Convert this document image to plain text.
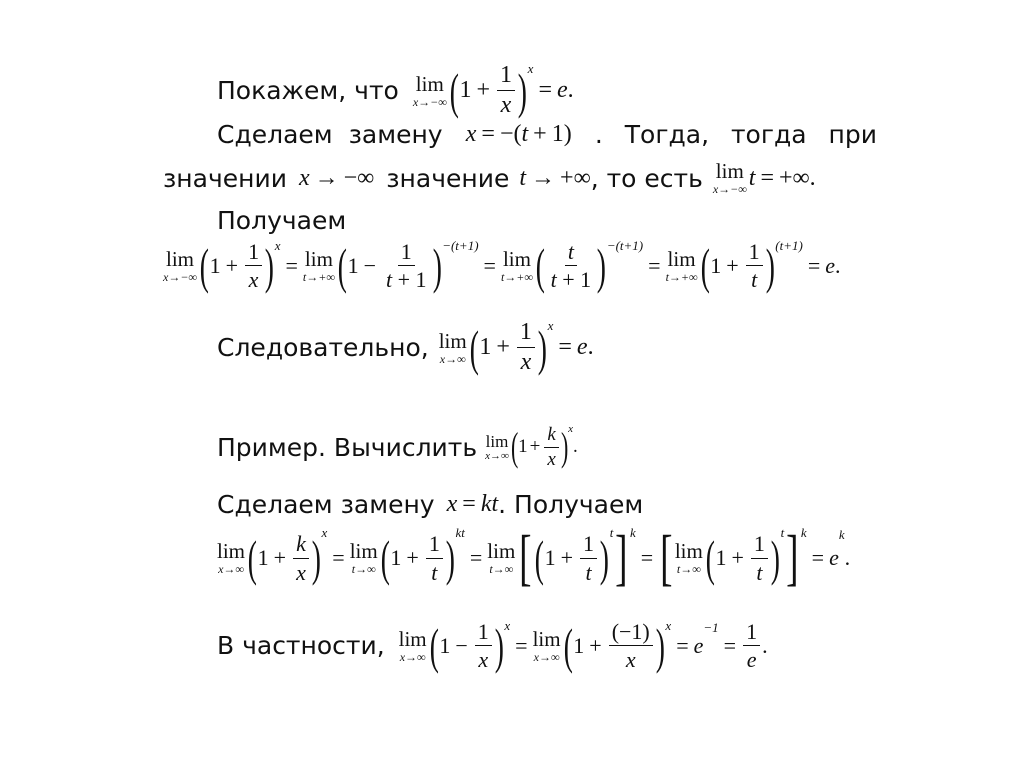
Покажем, что lim
x→−∞ ( $1 + \frac{1}{x}$ ) x
= e .
Сделаем замену x = −( t + 1) . Тогда, тогда при
значении x → −∞ значение t → +∞ , то есть lim
x→−∞ t = +∞.
Получаем
lim
x→−∞ ( $1 + \frac{1}{x}$ ) x
= lim
t→+∞ ( $1 - \frac{1}{t + 1}$ ) −(t+1)
= lim
t→+∞ ( $\frac{t}{t + 1}$ ) −(t+1)
= lim
t→+∞ ( $1 + \frac{1}{t}$ ) (t+1)
= e .
Следовательно, lim
x→∞ ( $1 + \frac{1}{x}$ ) x
= e .
Пример. Вычислить lim
x→∞ ( $1 + \frac{k}{x}$ ) x
.
Сделаем замену x = kt . Получаем
lim
x→∞ ( $1 + \frac{k}{x}$ ) x
= lim
t→∞ ( $1 + \frac{1}{t}$ ) kt
= lim
t→∞ [ ( $1 + \frac{1}{t}$ ) t ] k
= [ lim
t→∞ ( $1 + \frac{1}{t}$ ) t ] k
= e
k
.
В частности, lim
x→∞ ( $1 - \frac{1}{x}$ ) x
= lim
x→∞ ( $1 + \frac{(-1)}{x}$ ) x
= e
−1
= $\frac{1}{e}$ .
